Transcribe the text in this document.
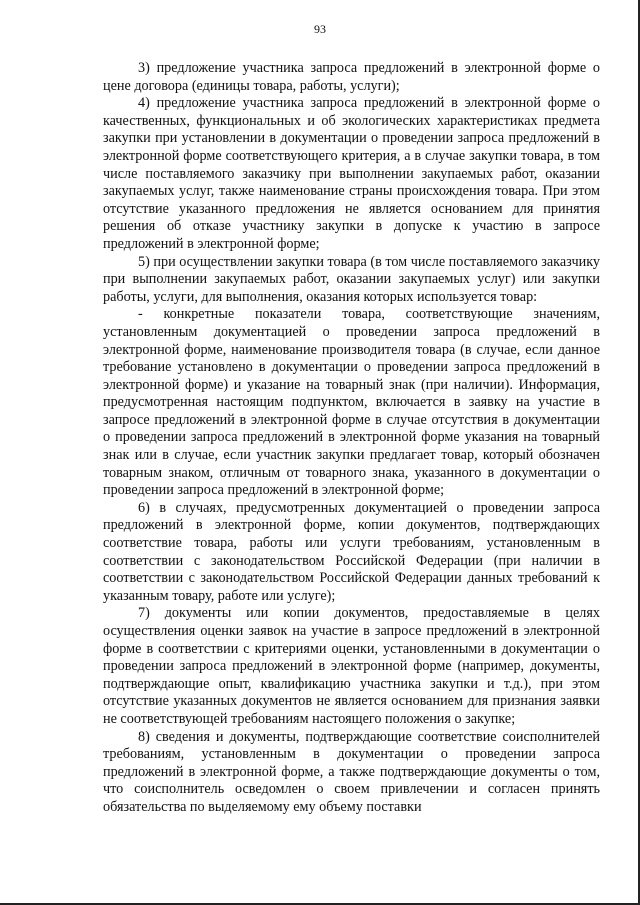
93

3) предложение участника запроса предложений в электронной форме о цене договора (единицы товара, работы, услуги);

4) предложение участника запроса предложений в электронной форме о качественных, функциональных и об экологических характеристиках предмета закупки при установлении в документации о проведении запроса предложений в электронной форме соответствующего критерия, а в случае закупки товара, в том числе поставляемого заказчику при выполнении закупаемых работ, оказании закупаемых услуг, также наименование страны происхождения товара. При этом отсутствие указанного предложения не является основанием для принятия решения об отказе участнику закупки в допуске к участию в запросе предложений в электронной форме;

5) при осуществлении закупки товара (в том числе поставляемого заказчику при выполнении закупаемых работ, оказании закупаемых услуг) или закупки работы, услуги, для выполнения, оказания которых используется товар:

- конкретные показатели товара, соответствующие значениям, установленным документацией о проведении запроса предложений в электронной форме, наименование производителя товара (в случае, если данное требование установлено в документации о проведении запроса предложений в электронной форме) и указание на товарный знак (при наличии). Информация, предусмотренная настоящим подпунктом, включается в заявку на участие в запросе предложений в электронной форме в случае отсутствия в документации о проведении запроса предложений в электронной форме указания на товарный знак или в случае, если участник закупки предлагает товар, который обозначен товарным знаком, отличным от товарного знака, указанного в документации о проведении запроса предложений в электронной форме;

6) в случаях, предусмотренных документацией о проведении запроса предложений в электронной форме, копии документов, подтверждающих соответствие товара, работы или услуги требованиям, установленным в соответствии с законодательством Российской Федерации (при наличии в соответствии с законодательством Российской Федерации данных требований к указанным товару, работе или услуге);

7) документы или копии документов, предоставляемые в целях осуществления оценки заявок на участие в запросе предложений в электронной форме в соответствии с критериями оценки, установленными в документации о проведении запроса предложений в электронной форме (например, документы, подтверждающие опыт, квалификацию участника закупки и т.д.), при этом отсутствие указанных документов не является основанием для признания заявки не соответствующей требованиям настоящего положения о закупке;

8) сведения и документы, подтверждающие соответствие соисполнителей требованиям, установленным в документации о проведении запроса предложений в электронной форме, а также подтверждающие документы о том, что соисполнитель осведомлен о своем привлечении и согласен принять обязательства по выделяемому ему объему поставки
